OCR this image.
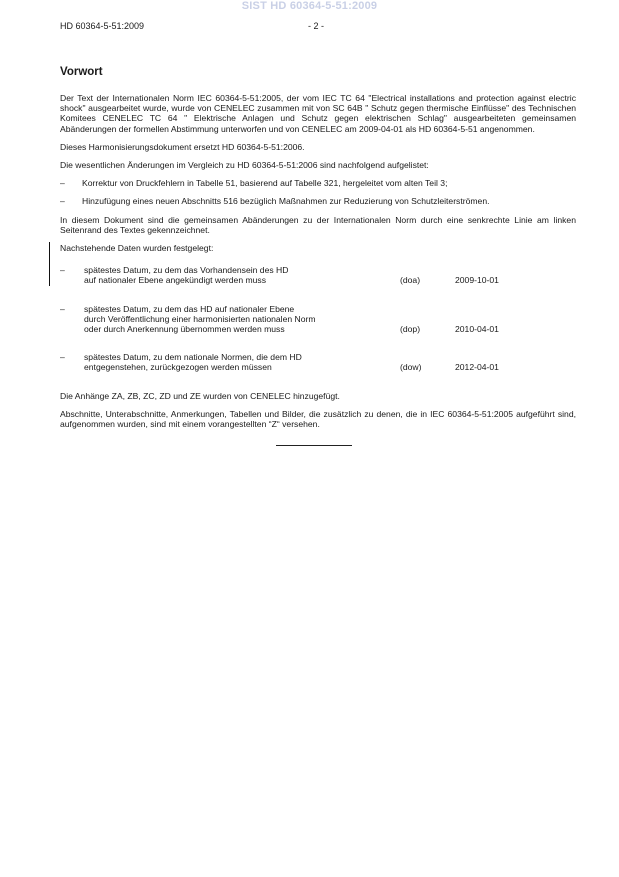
SIST HD 60364-5-51:2009
HD 60364-5-51:2009	- 2 -
Vorwort

Der Text der Internationalen Norm IEC 60364-5-51:2005, der vom IEC TC 64 "Electrical installations and protection against electric shock" ausgearbeitet wurde, wurde von CENELEC zusammen mit von SC 64B " Schutz gegen thermische Einflüsse" des Technischen Komitees CENELEC TC 64 " Elektrische Anlagen und Schutz gegen elektrischen Schlag" ausgearbeiteten gemeinsamen Abänderungen der formellen Abstimmung unterworfen und von CENELEC am 2009-04-01 als HD 60364-5-51 angenommen.

Dieses Harmonisierungsdokument ersetzt HD 60364-5-51:2006.

Die wesentlichen Änderungen im Vergleich zu HD 60364-5-51:2006 sind nachfolgend aufgelistet:

– Korrektur von Druckfehlern in Tabelle 51, basierend auf Tabelle 321, hergeleitet vom alten Teil 3;
– Hinzufügung eines neuen Abschnitts 516 bezüglich Maßnahmen zur Reduzierung von Schutzleiterströmen.

In diesem Dokument sind die gemeinsamen Abänderungen zu der Internationalen Norm durch eine senkrechte Linie am linken Seitenrand des Textes gekennzeichnet.

Nachstehende Daten wurden festgelegt:

– spätestes Datum, zu dem das Vorhandensein des HD
auf nationaler Ebene angekündigt werden muss	(doa)	2009-10-01
– spätestes Datum, zu dem das HD auf nationaler Ebene
durch Veröffentlichung einer harmonisierten nationalen Norm
oder durch Anerkennung übernommen werden muss	(dop)	2010-04-01
– spätestes Datum, zu dem nationale Normen, die dem HD
entgegenstehen, zurückgezogen werden müssen	(dow)	2012-04-01

Die Anhänge ZA, ZB, ZC, ZD und ZE wurden von CENELEC hinzugefügt.

Abschnitte, Unterabschnitte, Anmerkungen, Tabellen und Bilder, die zusätzlich zu denen, die in IEC 60364-5-51:2005 aufgeführt sind, aufgenommen wurden, sind mit einem vorangestellten “Z“ versehen.
